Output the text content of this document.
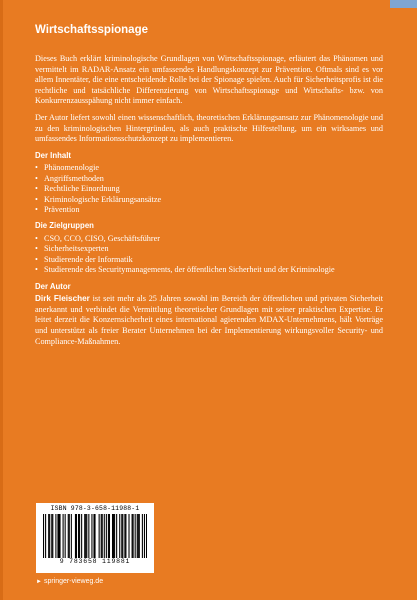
Wirtschaftsspionage

Dieses Buch erklärt kriminologische Grundlagen von Wirtschaftsspionage, erläutert das Phänomen und vermittelt im RADAR-Ansatz ein umfassendes Handlungskonzept zur Prävention. Oftmals sind es vor allem Innentäter, die eine entscheidende Rolle bei der Spionage spielen. Auch für Sicherheitsprofis ist die rechtliche und tatsächliche Differenzierung von Wirtschaftsspionage und Wirtschafts- bzw. von Konkurrenzausspähung nicht immer einfach.

Der Autor liefert sowohl einen wissenschaftlich, theoretischen Erklärungsansatz zur Phänomenologie und zu den kriminologischen Hintergründen, als auch praktische Hilfestellung, um ein wirksames und umfassendes Informationsschutzkonzept zu implementieren.

Der Inhalt
• Phänomenologie
• Angriffsmethoden
• Rechtliche Einordnung
• Kriminologische Erklärungsansätze
• Prävention
Die Zielgruppen
• CSO, CCO, CISO, Geschäftsführer
• Sicherheitsexperten
• Studierende der Informatik
• Studierende des Securitymanagements, der öffentlichen Sicherheit und der Kriminologie
Der Autor

Dirk Fleischer ist seit mehr als 25 Jahren sowohl im Bereich der öffentlichen und privaten Sicherheit anerkannt und verbindet die Vermittlung theoretischer Grundlagen mit seiner praktischen Expertise. Er leitet derzeit die Konzernsicherheit eines international agierenden MDAX-Unternehmens, hält Vorträge und unterstützt als freier Berater Unternehmen bei der Implementierung wirkungsvoller Security- und Compliance-Maßnahmen.

ISBN 978-3-658-11988-1
9 783658 119881
► springer-vieweg.de
